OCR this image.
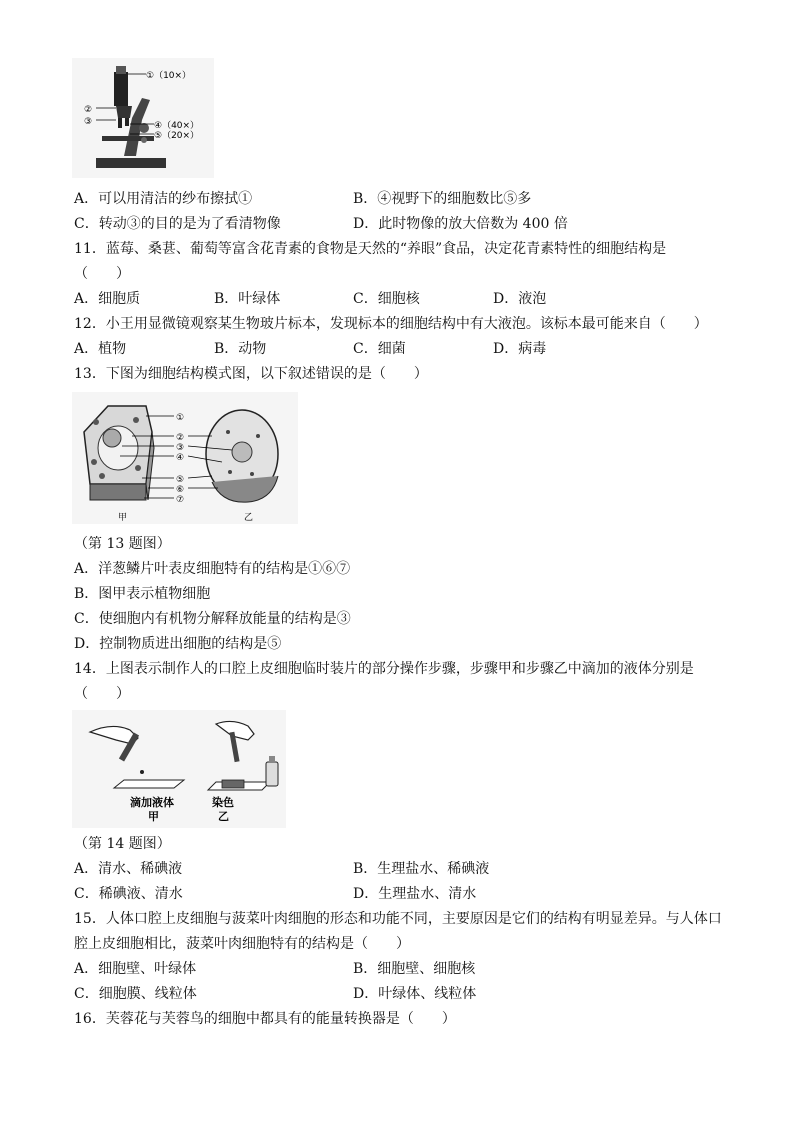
①（10×）
②
③	④（40×）
⑤（20×）
A．可以用清洁的纱布擦拭①	B．④视野下的细胞数比⑤多
C．转动③的目的是为了看清物像	D．此时物像的放大倍数为 400 倍
11．蓝莓、桑葚、葡萄等富含花青素的食物是天然的“养眼”食品，决定花青素特性的细胞结构是
（　　）
A．细胞质	B．叶绿体	C．细胞核	D．液泡
12．小王用显微镜观察某生物玻片标本，发现标本的细胞结构中有大液泡。该标本最可能来自（　　）
A．植物	B．动物	C．细菌	D．病毒
13．下图为细胞结构模式图，以下叙述错误的是（　　）
①
②
③
④
⑤
⑥
⑦
甲	乙
（第 13 题图）
A．洋葱鳞片叶表皮细胞特有的结构是①⑥⑦
B．图甲表示植物细胞
C．使细胞内有机物分解释放能量的结构是③
D．控制物质进出细胞的结构是⑤
14．上图表示制作人的口腔上皮细胞临时装片的部分操作步骤，步骤甲和步骤乙中滴加的液体分别是
（　　）
滴加液体
甲
染色
乙
（第 14 题图）
A．清水、稀碘液	B．生理盐水、稀碘液
C．稀碘液、清水	D．生理盐水、清水
15．人体口腔上皮细胞与菠菜叶肉细胞的形态和功能不同，主要原因是它们的结构有明显差异。与人体口
腔上皮细胞相比，菠菜叶肉细胞特有的结构是（　　）
A．细胞壁、叶绿体	B．细胞壁、细胞核
C．细胞膜、线粒体	D．叶绿体、线粒体
16．芙蓉花与芙蓉鸟的细胞中都具有的能量转换器是（　　）
